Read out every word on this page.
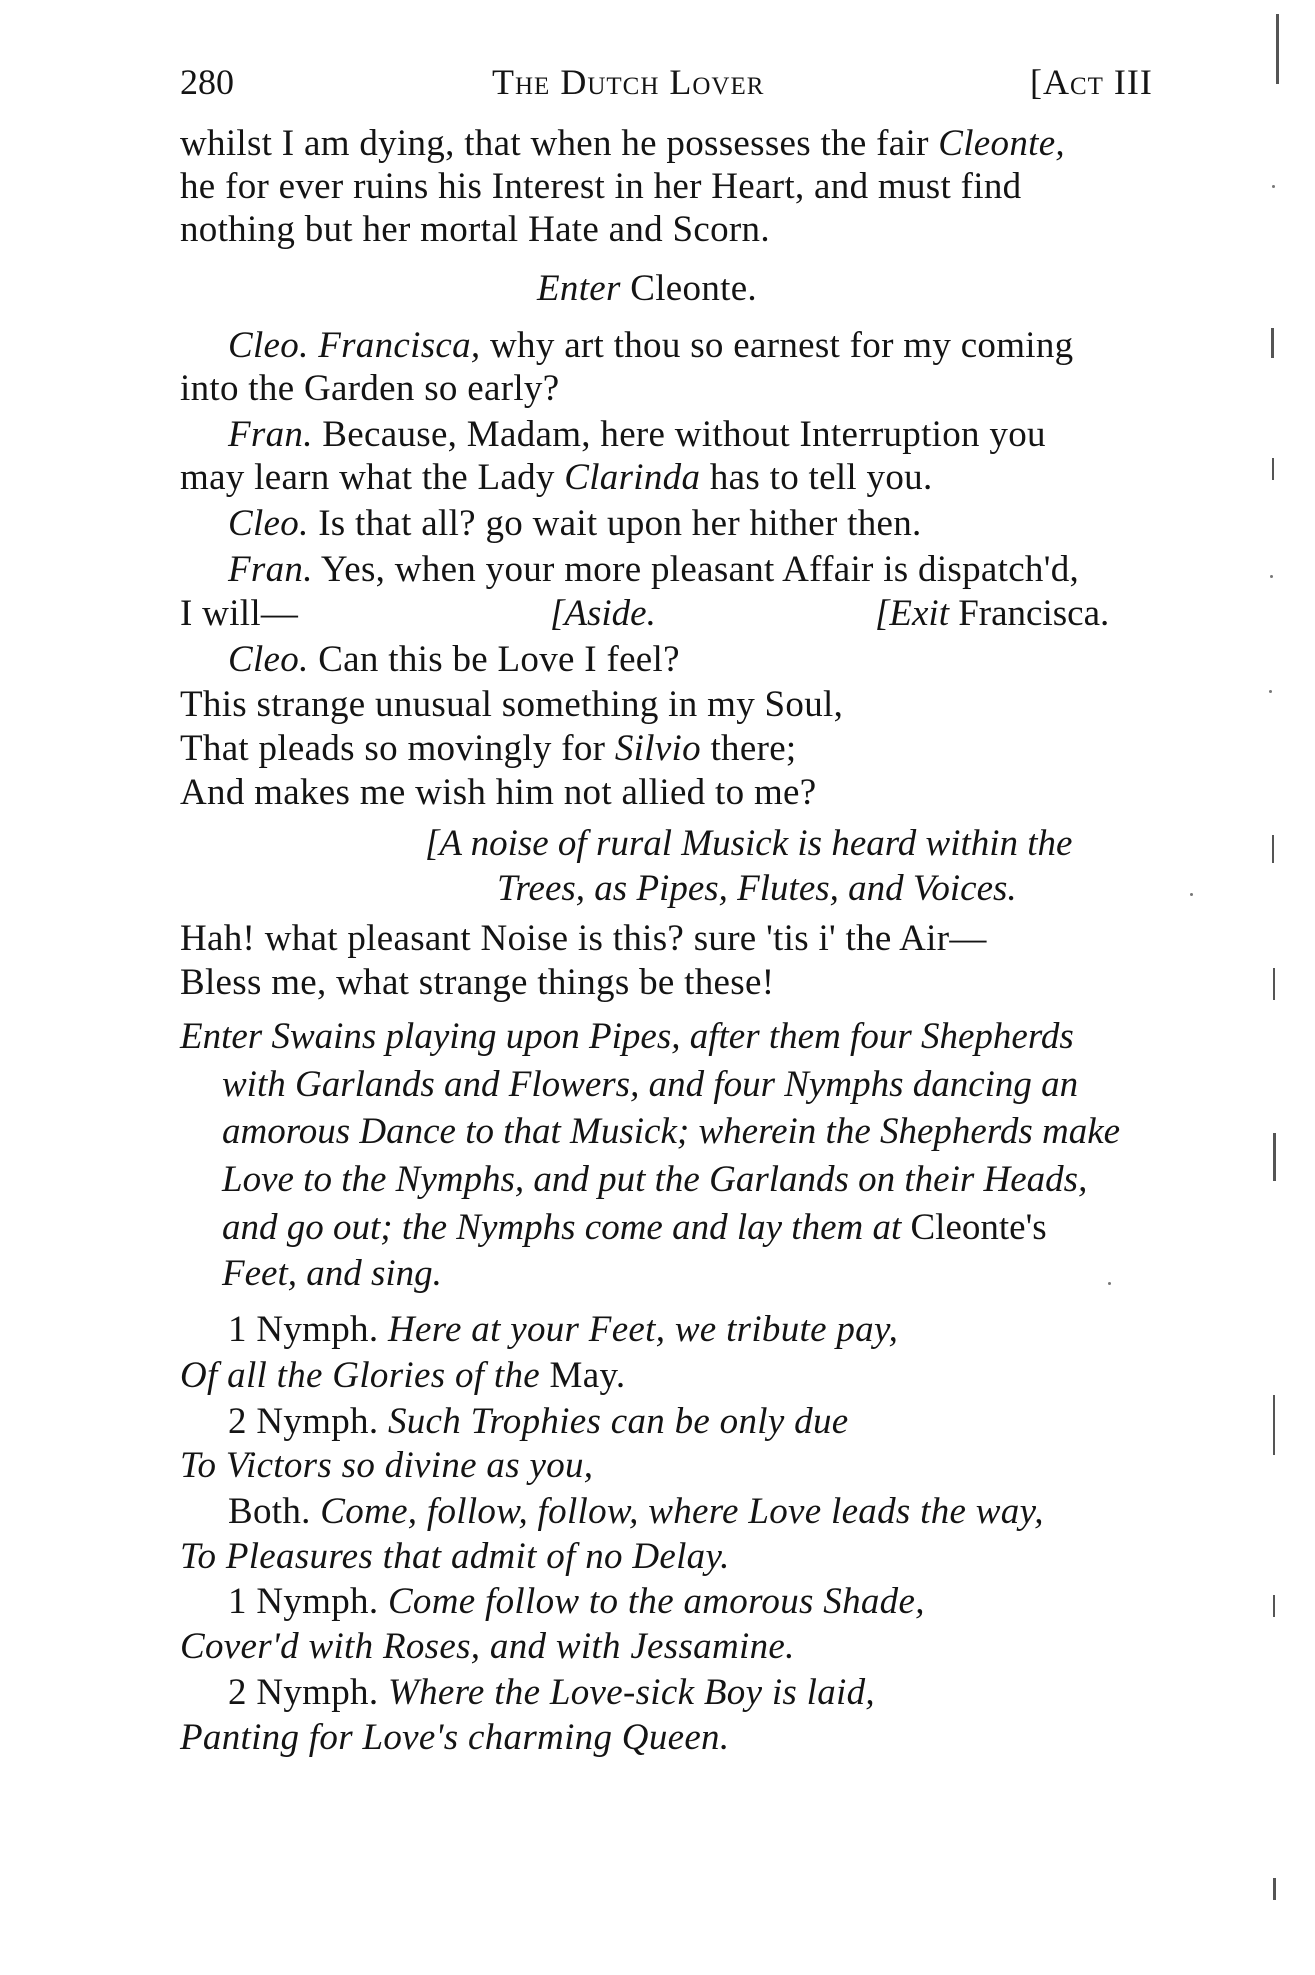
280	The Dutch Lover	[Act III
whilst I am dying, that when he possesses the fair Cleonte,
he for ever ruins his Interest in her Heart, and must find
nothing but her mortal Hate and Scorn.
Enter Cleonte.
Cleo. Francisca, why art thou so earnest for my coming
into the Garden so early?
Fran. Because, Madam, here without Interruption you
may learn what the Lady Clarinda has to tell you.
Cleo. Is that all? go wait upon her hither then.
Fran. Yes, when your more pleasant Affair is dispatch'd,
I will—	[Aside.	[Exit Francisca.
Cleo. Can this be Love I feel?
This strange unusual something in my Soul,
That pleads so movingly for Silvio there;
And makes me wish him not allied to me?
[A noise of rural Musick is heard within the
Trees, as Pipes, Flutes, and Voices.
Hah! what pleasant Noise is this? sure 'tis i' the Air—
Bless me, what strange things be these!
Enter Swains playing upon Pipes, after them four Shepherds
with Garlands and Flowers, and four Nymphs dancing an
amorous Dance to that Musick; wherein the Shepherds make
Love to the Nymphs, and put the Garlands on their Heads,
and go out; the Nymphs come and lay them at Cleonte's
Feet, and sing.
1 Nymph. Here at your Feet, we tribute pay,
Of all the Glories of the May.
2 Nymph. Such Trophies can be only due
To Victors so divine as you,
Both. Come, follow, follow, where Love leads the way,
To Pleasures that admit of no Delay.
1 Nymph. Come follow to the amorous Shade,
Cover'd with Roses, and with Jessamine.
2 Nymph. Where the Love-sick Boy is laid,
Panting for Love's charming Queen.
